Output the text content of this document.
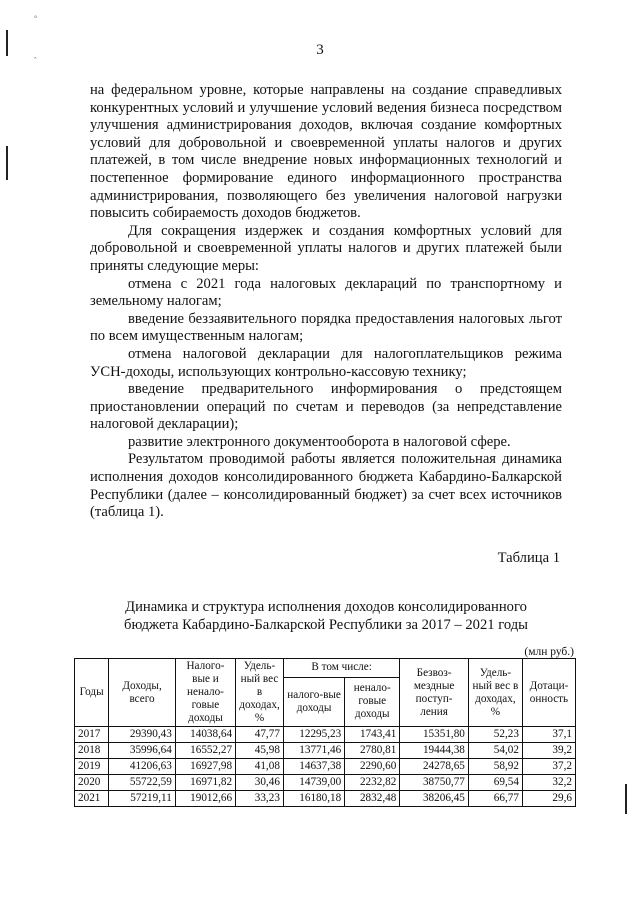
°
ˆ
3

на федеральном уровне, которые направлены на создание справедливых конкурентных условий и улучшение условий ведения бизнеса посредством улучшения администрирования доходов, включая создание комфортных условий для добровольной и своевременной уплаты налогов и других платежей, в том числе внедрение новых информационных технологий и постепенное формирование единого информационного пространства администрирования, позволяющего без увеличения налоговой нагрузки повысить собираемость доходов бюджетов.

Для сокращения издержек и создания комфортных условий для добровольной и своевременной уплаты налогов и других платежей были приняты следующие меры:

отмена с 2021 года налоговых деклараций по транспортному и земельному налогам;

введение беззаявительного порядка предоставления налоговых льгот по всем имущественным налогам;

отмена налоговой декларации для налогоплательщиков режима УСН-доходы, использующих контрольно-кассовую технику;

введение предварительного информирования о предстоящем приостановлении операций по счетам и переводов (за непредставление налоговой декларации);

развитие электронного документооборота в налоговой сфере.

Результатом проводимой работы является положительная динамика исполнения доходов консолидированного бюджета Кабардино-Балкарской Республики (далее – консолидированный бюджет) за счет всех источников (таблица 1).

Таблица 1
Динамика и структура исполнения доходов консолидированного
бюджета Кабардино-Балкарской Республики за 2017 – 2021 годы
(млн руб.)
Годы	Доходы, всего	Налого-вые и ненало-говые доходы	Удель-ный вес в доходах, %	В том числе:		Безвоз-мездные поступ-ления	Удель-ный вес в доходах, %	Дотаци-онность
				налого-вые доходы	ненало-говые доходы			
2017	29390,43	14038,64	47,77	12295,23	1743,41	15351,80	52,23	37,1
2018	35996,64	16552,27	45,98	13771,46	2780,81	19444,38	54,02	39,2
2019	41206,63	16927,98	41,08	14637,38	2290,60	24278,65	58,92	37,2
2020	55722,59	16971,82	30,46	14739,00	2232,82	38750,77	69,54	32,2
2021	57219,11	19012,66	33,23	16180,18	2832,48	38206,45	66,77	29,6
